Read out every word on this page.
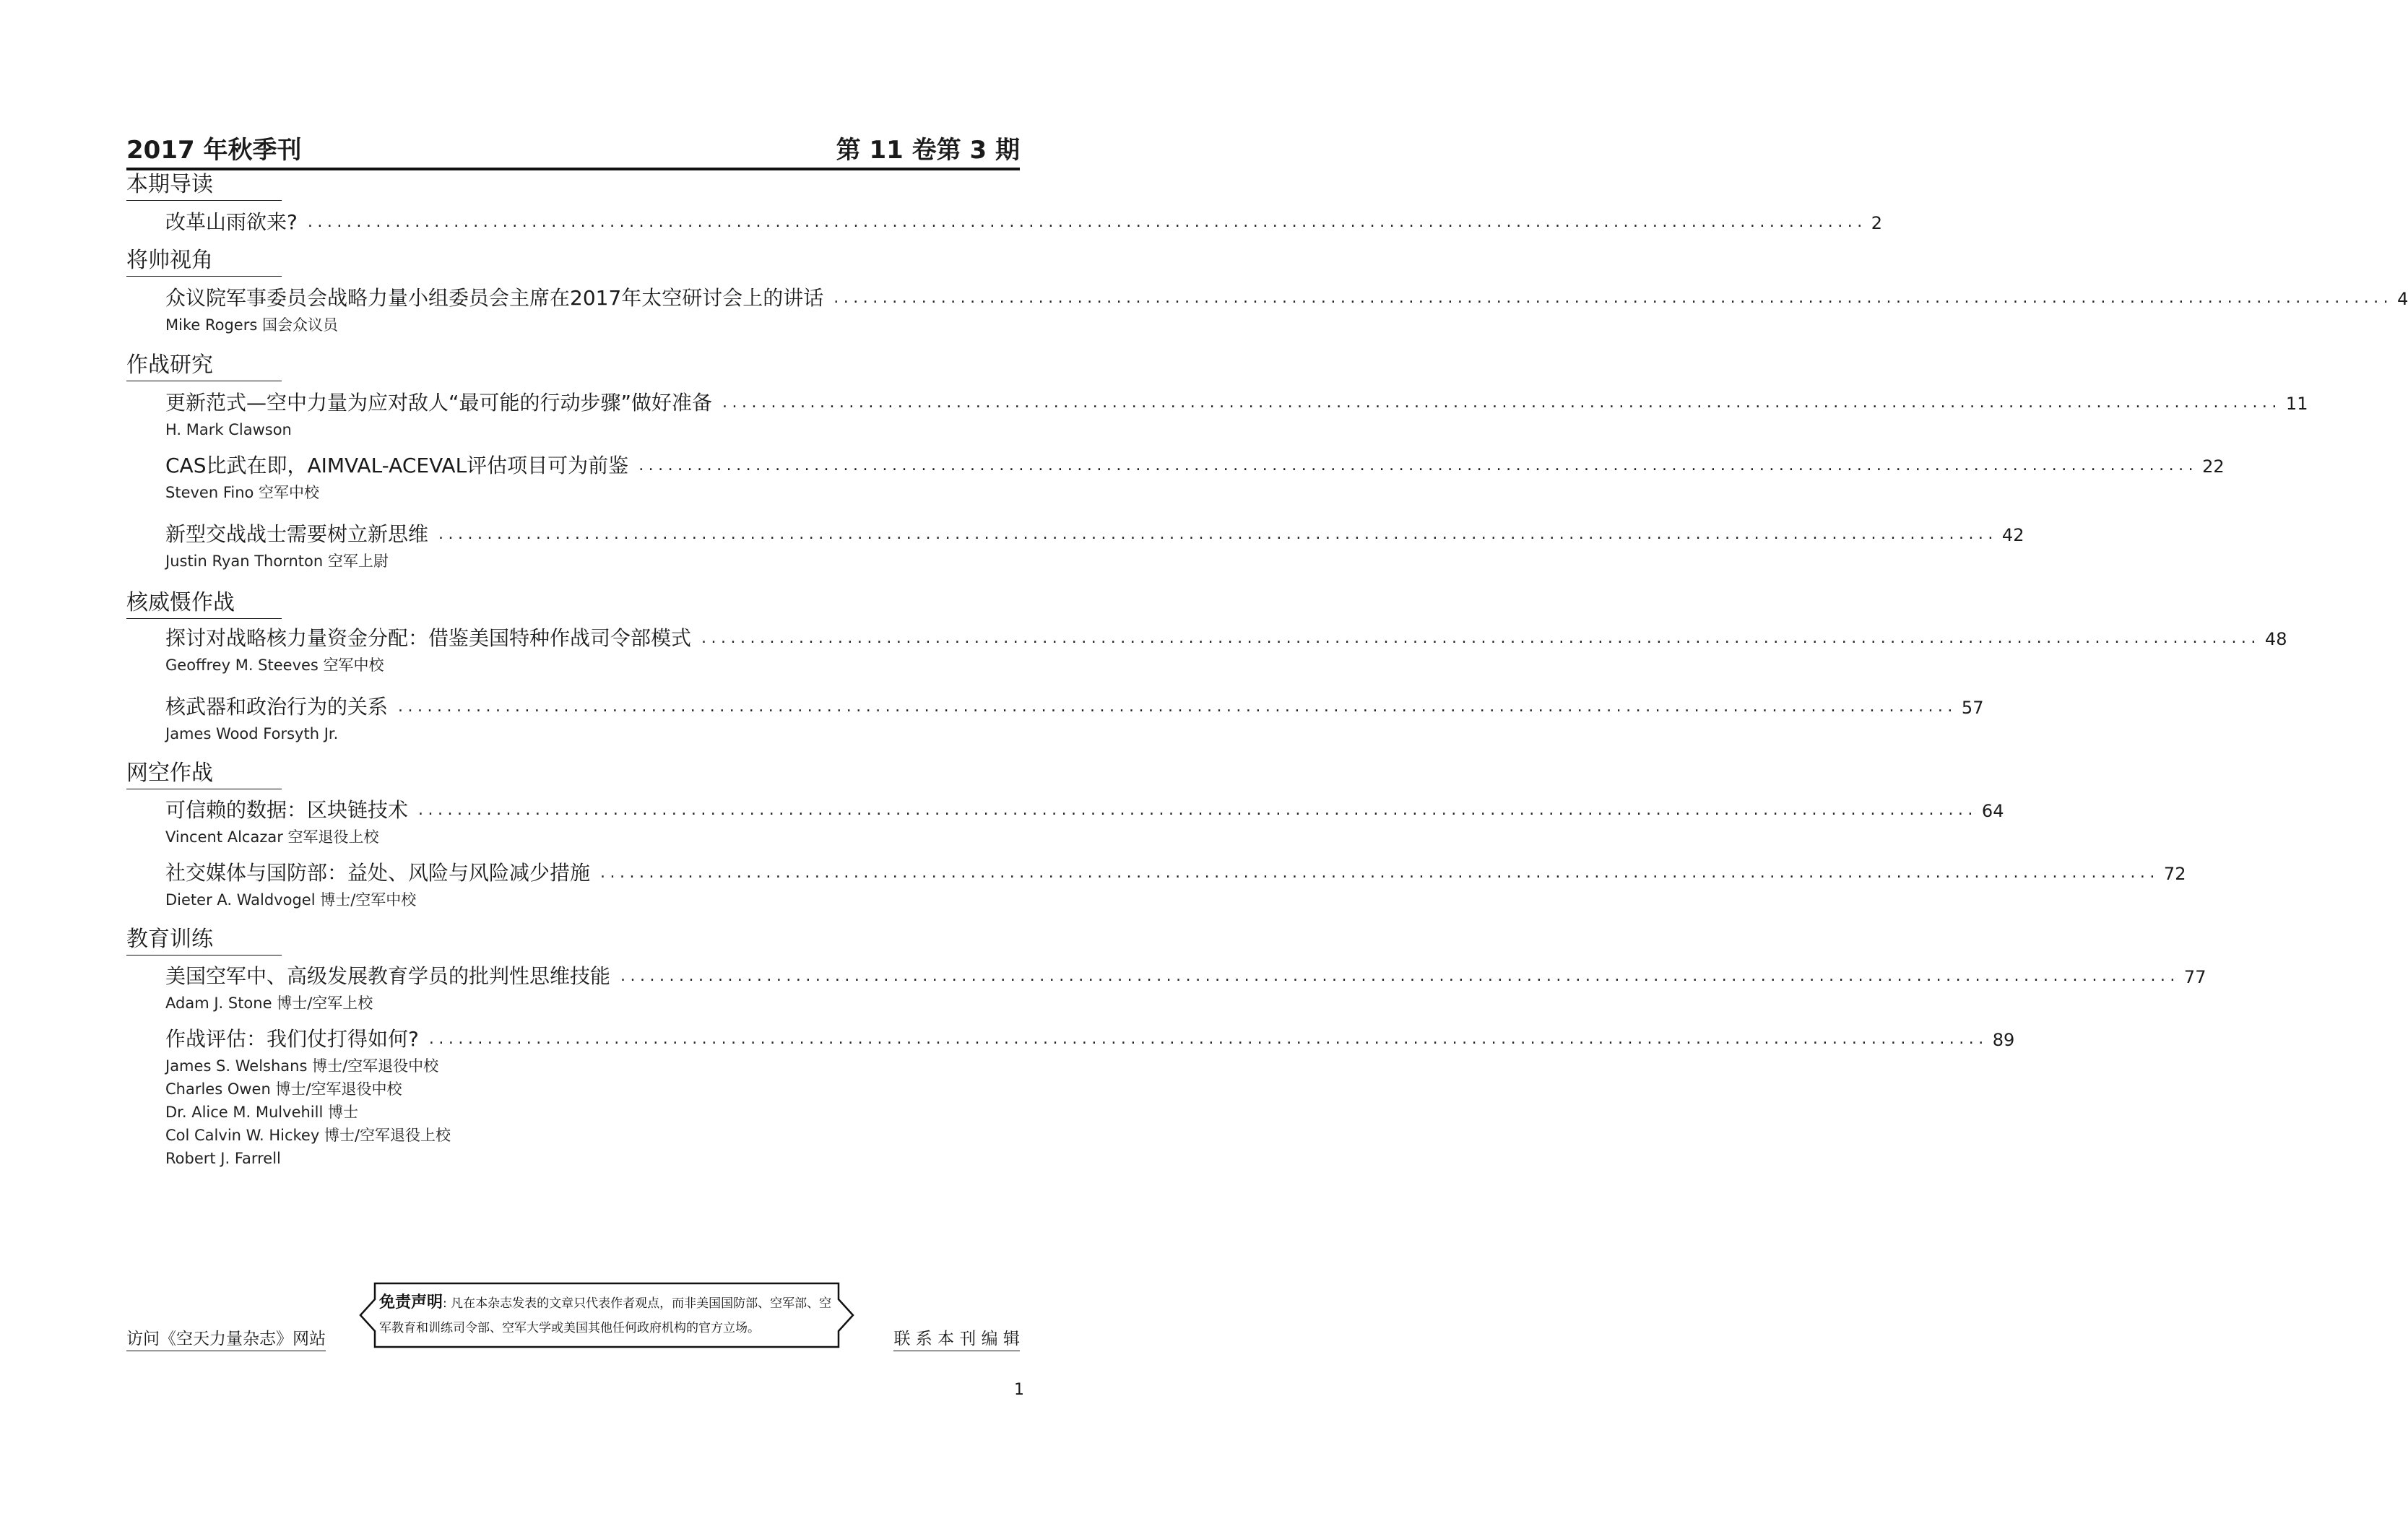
2017 年秋季刊	第 11 卷第 3 期
本期导读
改革山雨欲来? ................................................................................................................................................................ 2
将帅视角
众议院军事委员会战略力量小组委员会主席在2017年太空研讨会上的讲话 ................................................................................................................................................................ 4
Mike Rogers 国会众议员
作战研究
更新范式—空中力量为应对敌人“最可能的行动步骤”做好准备 ................................................................................................................................................................ 11
H. Mark Clawson
CAS比武在即，AIMVAL-ACEVAL评估项目可为前鉴 ................................................................................................................................................................ 22
Steven Fino 空军中校
新型交战战士需要树立新思维 ................................................................................................................................................................ 42
Justin Ryan Thornton 空军上尉
核威慑作战
探讨对战略核力量资金分配：借鉴美国特种作战司令部模式 ................................................................................................................................................................ 48
Geoffrey M. Steeves 空军中校
核武器和政治行为的关系 ................................................................................................................................................................ 57
James Wood Forsyth Jr.
网空作战
可信赖的数据：区块链技术 ................................................................................................................................................................ 64
Vincent Alcazar 空军退役上校
社交媒体与国防部：益处、风险与风险减少措施 ................................................................................................................................................................ 72
Dieter A. Waldvogel 博士/空军中校
教育训练
美国空军中、高级发展教育学员的批判性思维技能 ................................................................................................................................................................ 77
Adam J. Stone 博士/空军上校
作战评估：我们仗打得如何? ................................................................................................................................................................ 89
James S. Welshans 博士/空军退役中校
Charles Owen 博士/空军退役中校
Dr. Alice M. Mulvehill 博士
Col Calvin W. Hickey 博士/空军退役上校
Robert J. Farrell
访问《空天力量杂志》网站
免责声明: 凡在本杂志发表的文章只代表作者观点，而非美国国防部、空军部、空军教育和训练司令部、空军大学或美国其他任何政府机构的官方立场。
联 系 本 刊 编 辑
1
